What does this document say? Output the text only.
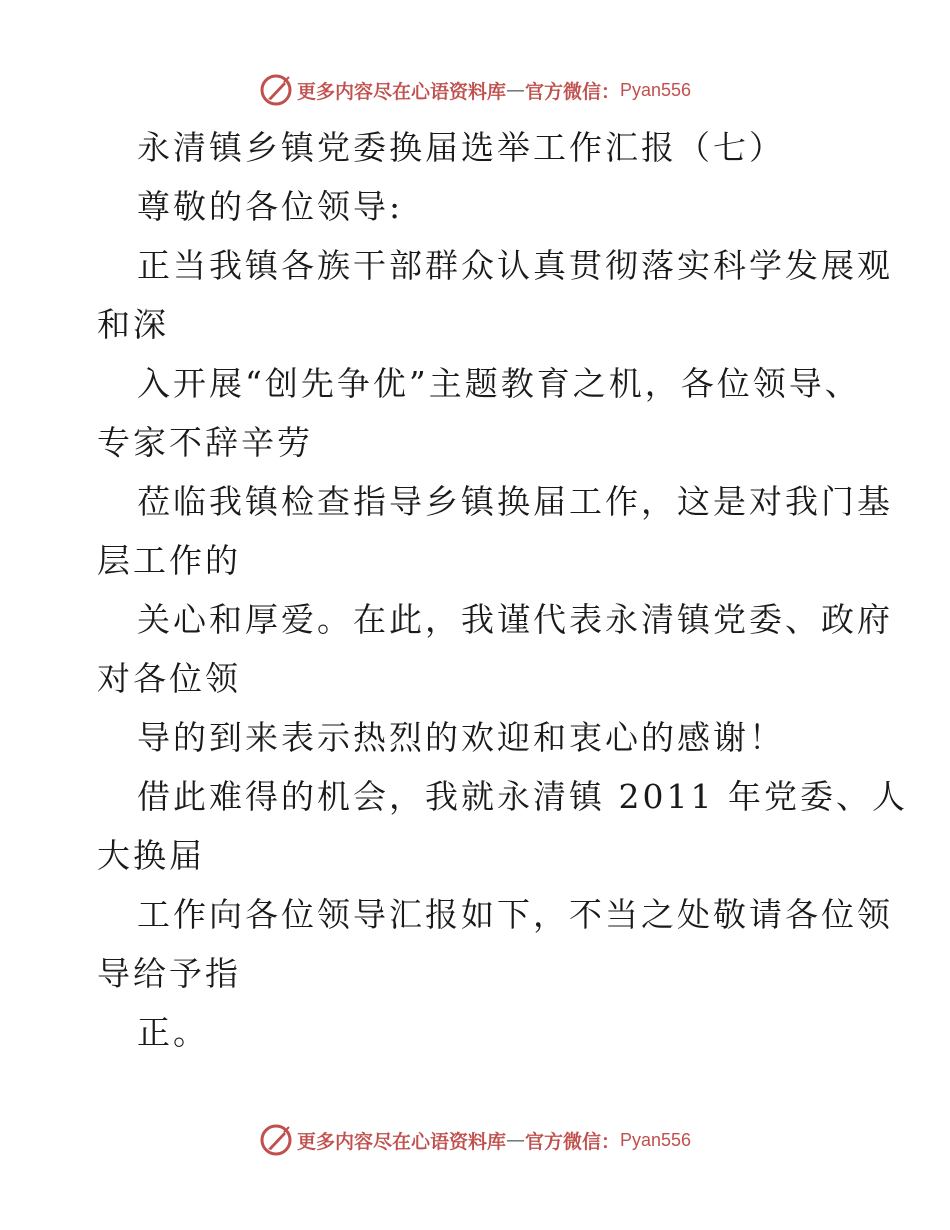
更多内容尽在心语资料库 — 官方微信： Pyan556
永清镇乡镇党委换届选举工作汇报（七）
尊敬的各位领导:
正当我镇各族干部群众认真贯彻落实科学发展观
和深
入开展“创先争优”主题教育之机，各位领导、
专家不辞辛劳
莅临我镇检查指导乡镇换届工作，这是对我门基
层工作的
关心和厚爱。在此，我谨代表永清镇党委、政府
对各位领
导的到来表示热烈的欢迎和衷心的感谢！
借此难得的机会，我就永清镇 2011 年党委、人
大换届
工作向各位领导汇报如下，不当之处敬请各位领
导给予指
正。
更多内容尽在心语资料库 — 官方微信： Pyan556
